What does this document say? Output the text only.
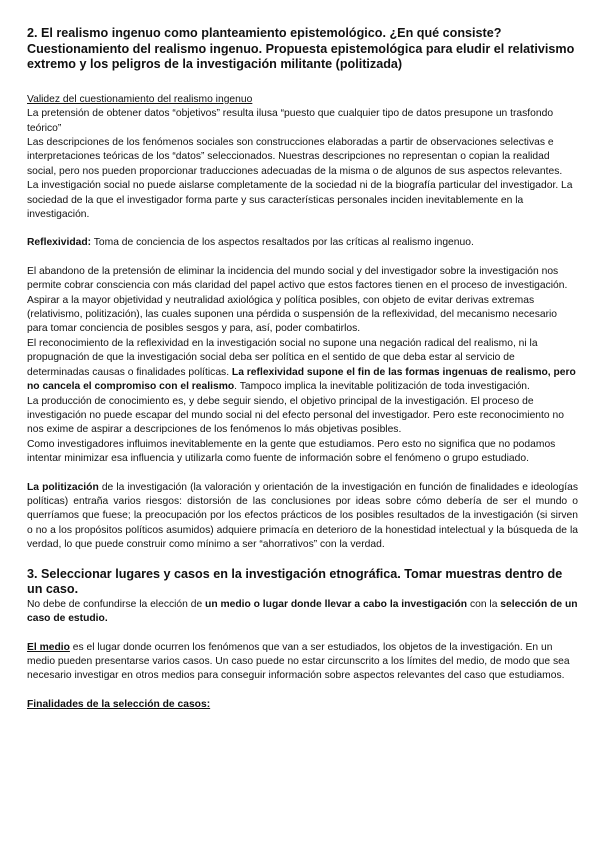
2. El realismo ingenuo como planteamiento epistemológico. ¿En qué consiste? Cuestionamiento del realismo ingenuo. Propuesta epistemológica para eludir el relativismo extremo y los peligros de la investigación militante (politizada)

Validez del cuestionamiento del realismo ingenuo

La pretensión de obtener datos “objetivos” resulta ilusa “puesto que cualquier tipo de datos presupone un trasfondo teórico”

Las descripciones de los fenómenos sociales son construcciones elaboradas a partir de observaciones selectivas e interpretaciones teóricas de los “datos” seleccionados. Nuestras descripciones no representan o copian la realidad social, pero nos pueden proporcionar traducciones adecuadas de la misma o de algunos de sus aspectos relevantes.

La investigación social no puede aislarse completamente de la sociedad ni de la biografía particular del investigador. La sociedad de la que el investigador forma parte y sus características personales inciden inevitablemente en la investigación.

Reflexividad: Toma de conciencia de los aspectos resaltados por las críticas al realismo ingenuo.

El abandono de la pretensión de eliminar la incidencia del mundo social y del investigador sobre la investigación nos permite cobrar consciencia con más claridad del papel activo que estos factores tienen en el proceso de investigación.

Aspirar a la mayor objetividad y neutralidad axiológica y política posibles, con objeto de evitar derivas extremas (relativismo, politización), las cuales suponen una pérdida o suspensión de la reflexividad, del mecanismo necesario para tomar conciencia de posibles sesgos y para, así, poder combatirlos.

El reconocimiento de la reflexividad en la investigación social no supone una negación radical del realismo, ni la propugnación de que la investigación social deba ser política en el sentido de que deba estar al servicio de determinadas causas o finalidades políticas. La reflexividad supone el fin de las formas ingenuas de realismo, pero no cancela el compromiso con el realismo. Tampoco implica la inevitable politización de toda investigación.

La producción de conocimiento es, y debe seguir siendo, el objetivo principal de la investigación. El proceso de investigación no puede escapar del mundo social ni del efecto personal del investigador. Pero este reconocimiento no nos exime de aspirar a descripciones de los fenómenos lo más objetivas posibles.

Como investigadores influimos inevitablemente en la gente que estudiamos. Pero esto no significa que no podamos intentar minimizar esa influencia y utilizarla como fuente de información sobre el fenómeno o grupo estudiado.

La politización de la investigación (la valoración y orientación de la investigación en función de finalidades e ideologías políticas) entraña varios riesgos: distorsión de las conclusiones por ideas sobre cómo debería de ser el mundo o querríamos que fuese; la preocupación por los efectos prácticos de los posibles resultados de la investigación (si sirven o no a los propósitos políticos asumidos) adquiere primacía en deterioro de la honestidad intelectual y la búsqueda de la verdad, lo que puede construir como mínimo a ser “ahorrativos” con la verdad.

3. Seleccionar lugares y casos en la investigación etnográfica. Tomar muestras dentro de un caso.

No debe de confundirse la elección de un medio o lugar donde llevar a cabo la investigación con la selección de un caso de estudio.

El medio es el lugar donde ocurren los fenómenos que van a ser estudiados, los objetos de la investigación. En un medio pueden presentarse varios casos. Un caso puede no estar circunscrito a los límites del medio, de modo que sea necesario investigar en otros medios para conseguir información sobre aspectos relevantes del caso que estudiamos.

Finalidades de la selección de casos:
